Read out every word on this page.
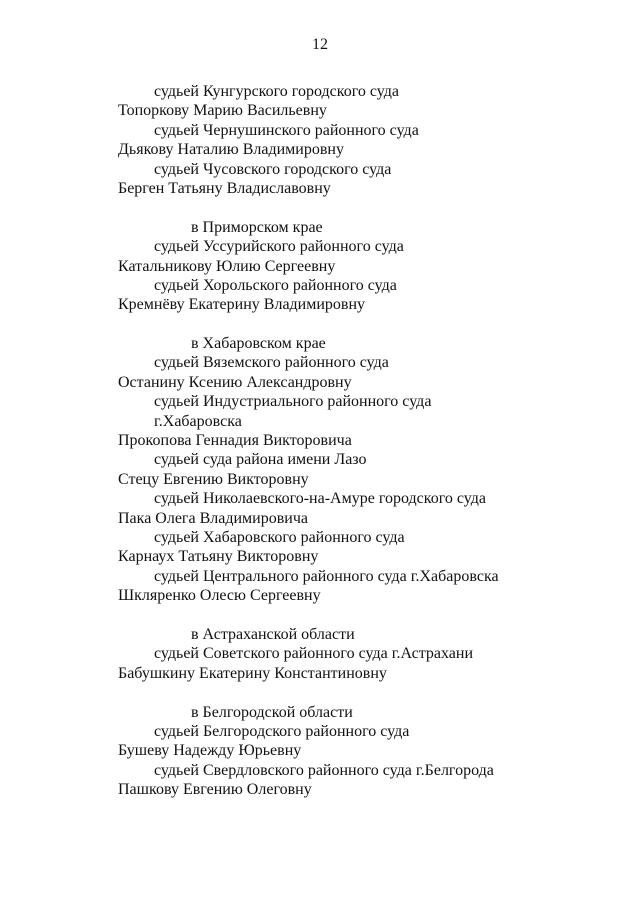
12
судьей Кунгурского городского суда
Топоркову Марию Васильевну
судьей Чернушинского районного суда
Дьякову Наталию Владимировну
судьей Чусовского городского суда
Берген Татьяну Владиславовну
в Приморском крае
судьей Уссурийского районного суда
Катальникову Юлию Сергеевну
судьей Хорольского районного суда
Кремнёву Екатерину Владимировну
в Хабаровском крае
судьей Вяземского районного суда
Останину Ксению Александровну
судьей Индустриального районного суда
г.Хабаровска
Прокопова Геннадия Викторовича
судьей суда района имени Лазо
Стецу Евгению Викторовну
судьей Николаевского-на-Амуре городского суда
Пака Олега Владимировича
судьей Хабаровского районного суда
Карнаух Татьяну Викторовну
судьей Центрального районного суда г.Хабаровска
Шкляренко Олесю Сергеевну
в Астраханской области
судьей Советского районного суда г.Астрахани
Бабушкину Екатерину Константиновну
в Белгородской области
судьей Белгородского районного суда
Бушеву Надежду Юрьевну
судьей Свердловского районного суда г.Белгорода
Пашкову Евгению Олеговну
